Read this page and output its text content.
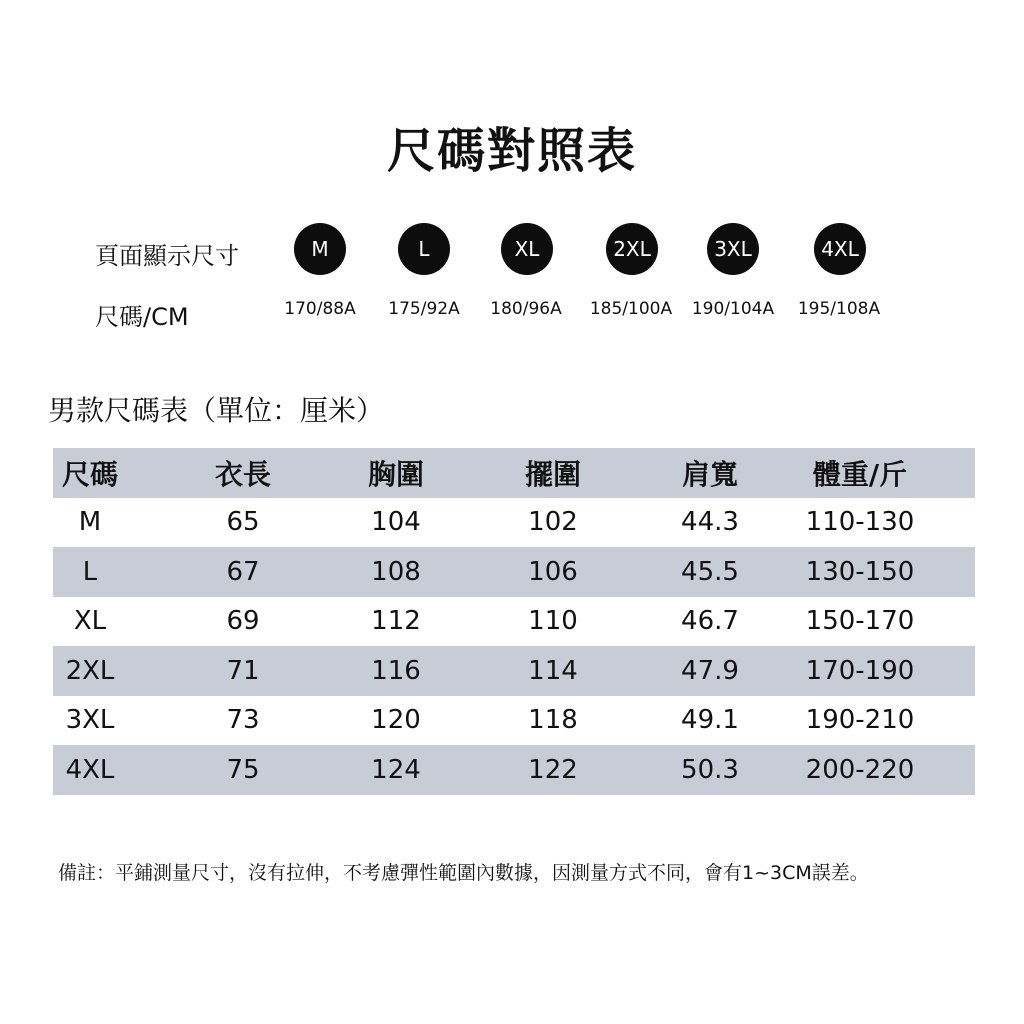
尺碼對照表
頁面顯示尺寸
尺碼/CM
M	L	XL	2XL	3XL	4XL
170/88A	175/92A	180/96A	185/100A	190/104A	195/108A
男款尺碼表（單位：厘米）
尺碼	衣長	胸圍	擺圍	肩寬	體重/斤
M	65	104	102	44.3	110-130
L	67	108	106	45.5	130-150
XL	69	112	110	46.7	150-170
2XL	71	116	114	47.9	170-190
3XL	73	120	118	49.1	190-210
4XL	75	124	122	50.3	200-220
備註：平鋪測量尺寸，沒有拉伸，不考慮彈性範圍內數據，因測量方式不同，會有1~3CM誤差。
